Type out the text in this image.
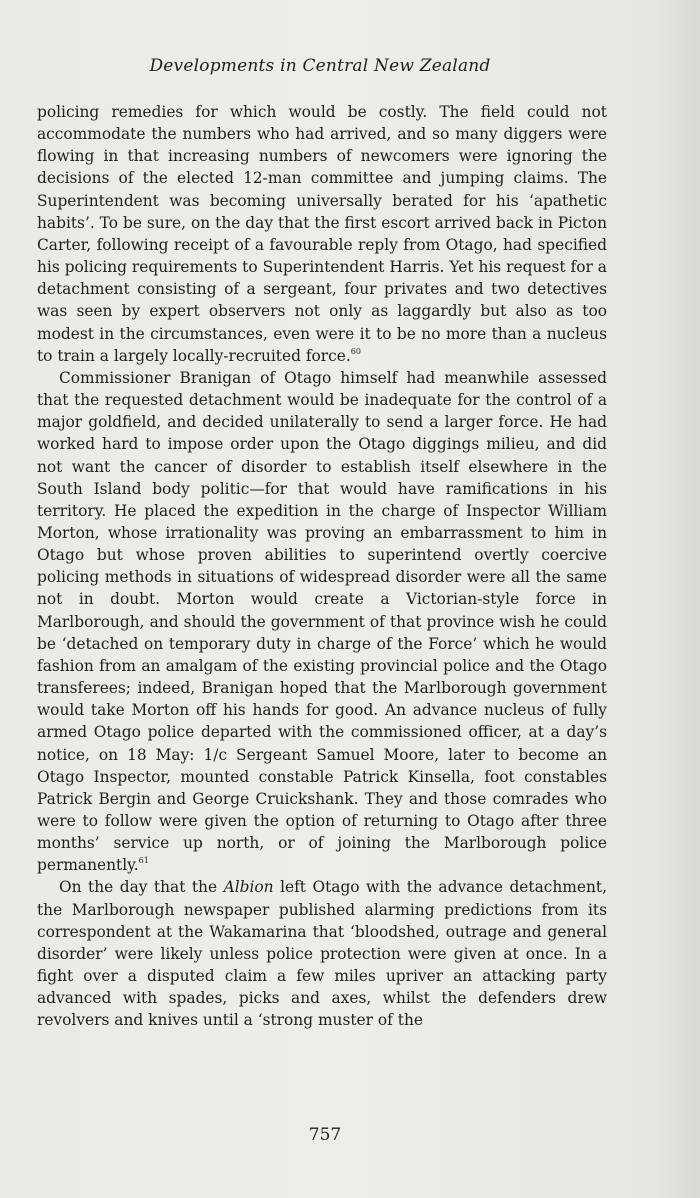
Developments in Central New Zealand

policing remedies for which would be costly. The field could not accommodate the numbers who had arrived, and so many diggers were flowing in that increasing numbers of newcomers were ignoring the decisions of the elected 12-man committee and jumping claims. The Superintendent was becoming universally berated for his ‘apathetic habits’. To be sure, on the day that the first escort arrived back in Picton Carter, following receipt of a favourable reply from Otago, had specified his policing requirements to Superintendent Harris. Yet his request for a detachment consisting of a sergeant, four privates and two detectives was seen by expert observers not only as laggardly but also as too modest in the circumstances, even were it to be no more than a nucleus to train a largely locally-recruited force.$^{60}$

Commissioner Branigan of Otago himself had meanwhile assessed that the requested detachment would be inadequate for the control of a major goldfield, and decided unilaterally to send a larger force. He had worked hard to impose order upon the Otago diggings milieu, and did not want the cancer of disorder to establish itself elsewhere in the South Island body politic—for that would have ramifications in his territory. He placed the expedition in the charge of Inspector William Morton, whose irrationality was proving an embarrassment to him in Otago but whose proven abilities to superintend overtly coercive policing methods in situations of widespread disorder were all the same not in doubt. Morton would create a Victorian-style force in Marlborough, and should the government of that province wish he could be ‘detached on temporary duty in charge of the Force’ which he would fashion from an amalgam of the existing provincial police and the Otago transferees; indeed, Branigan hoped that the Marlborough government would take Morton off his hands for good. An advance nucleus of fully armed Otago police departed with the commissioned officer, at a day’s notice, on 18 May: 1/c Sergeant Samuel Moore, later to become an Otago Inspector, mounted constable Patrick Kinsella, foot constables Patrick Bergin and George Cruickshank. They and those comrades who were to follow were given the option of returning to Otago after three months’ service up north, or of joining the Marlborough police permanently.$^{61}$

On the day that the Albion left Otago with the advance detachment, the Marlborough newspaper published alarming predictions from its correspondent at the Wakamarina that ‘bloodshed, outrage and general disorder’ were likely unless police protection were given at once. In a fight over a disputed claim a few miles upriver an attacking party advanced with spades, picks and axes, whilst the defenders drew revolvers and knives until a ‘strong muster of the

757
